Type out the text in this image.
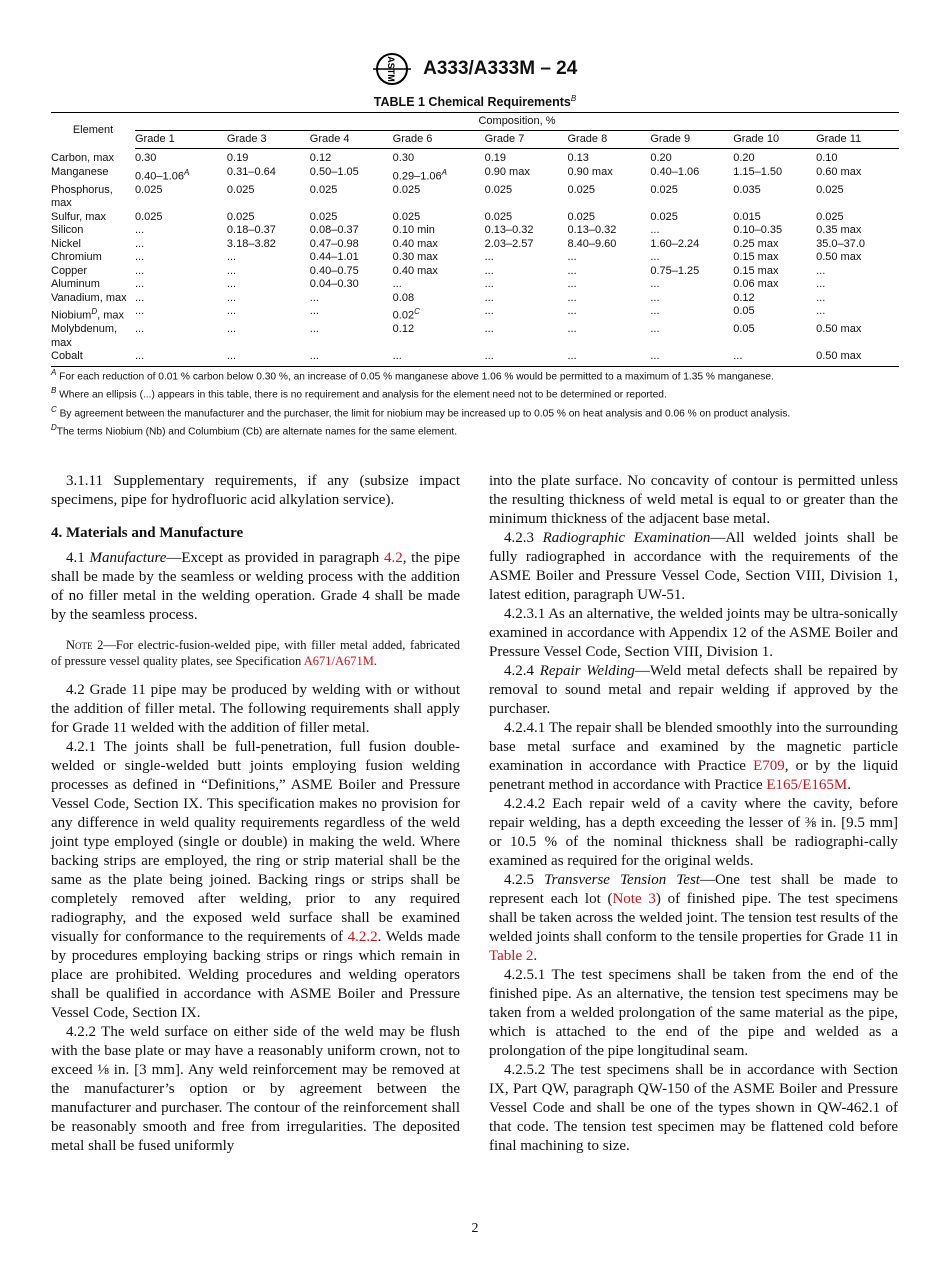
ASTM A333/A333M – 24
TABLE 1 Chemical Requirements$^B$
Element	Composition, %								
	Grade 1	Grade 3	Grade 4	Grade 6	Grade 7	Grade 8	Grade 9	Grade 10	Grade 11
Carbon, max	0.30	0.19	0.12	0.30	0.19	0.13	0.20	0.20	0.10
Manganese	$0.40-1.06^A$	0.31–0.64	0.50–1.05	$0.29-1.06^A$	0.90 max	0.90 max	0.40–1.06	1.15–1.50	0.60 max
Phosphorus, max	0.025	0.025	0.025	0.025	0.025	0.025	0.025	0.035	0.025
Sulfur, max	0.025	0.025	0.025	0.025	0.025	0.025	0.025	0.015	0.025
Silicon	...	0.18–0.37	0.08–0.37	0.10 min	0.13–0.32	0.13–0.32	...	0.10–0.35	0.35 max
Nickel	...	3.18–3.82	0.47–0.98	0.40 max	2.03–2.57	8.40–9.60	1.60–2.24	0.25 max	35.0–37.0
Chromium	...	...	0.44–1.01	0.30 max	...	...	...	0.15 max	0.50 max
Copper	...	...	0.40–0.75	0.40 max	...	...	0.75–1.25	0.15 max	...
Aluminum	...	...	0.04–0.30	...	...	...	...	0.06 max	...
Vanadium, max	...	...	...	0.08	...	...	...	0.12	...
Niobium$^D$, max	...	...	...	$0.02^C$	...	...	...	0.05	...
Molybdenum, max	...	...	...	0.12	...	...	...	0.05	0.50 max
Cobalt	...	...	...	...	...	...	...	...	0.50 max
$^A$ For each reduction of 0.01 % carbon below 0.30 %, an increase of 0.05 % manganese above 1.06 % would be permitted to a maximum of 1.35 % manganese.
$^B$ Where an ellipsis (...) appears in this table, there is no requirement and analysis for the element need not to be determined or reported.
$^C$ By agreement between the manufacturer and the purchaser, the limit for niobium may be increased up to 0.05 % on heat analysis and 0.06 % on product analysis.
$^D$The terms Niobium (Nb) and Columbium (Cb) are alternate names for the same element.

3.1.11 Supplementary requirements, if any (subsize impact specimens, pipe for hydrofluoric acid alkylation service).

4. Materials and Manufacture

4.1 Manufacture—Except as provided in paragraph 4.2, the pipe shall be made by the seamless or welding process with the addition of no filler metal in the welding operation. Grade 4 shall be made by the seamless process.

Note 2—For electric-fusion-welded pipe, with filler metal added, fabricated of pressure vessel quality plates, see Specification A671/A671M.

4.2 Grade 11 pipe may be produced by welding with or without the addition of filler metal. The following requirements shall apply for Grade 11 welded with the addition of filler metal.

4.2.1 The joints shall be full-penetration, full fusion double-welded or single-welded butt joints employing fusion welding processes as defined in “Definitions,” ASME Boiler and Pressure Vessel Code, Section IX. This specification makes no provision for any difference in weld quality requirements regardless of the weld joint type employed (single or double) in making the weld. Where backing strips are employed, the ring or strip material shall be the same as the plate being joined. Backing rings or strips shall be completely removed after welding, prior to any required radiography, and the exposed weld surface shall be examined visually for conformance to the requirements of 4.2.2. Welds made by procedures employing backing strips or rings which remain in place are prohibited. Welding procedures and welding operators shall be qualified in accordance with ASME Boiler and Pressure Vessel Code, Section IX.

4.2.2 The weld surface on either side of the weld may be flush with the base plate or may have a reasonably uniform crown, not to exceed ⅛ in. [3 mm]. Any weld reinforcement may be removed at the manufacturer’s option or by agreement between the manufacturer and purchaser. The contour of the reinforcement shall be reasonably smooth and free from irregularities. The deposited metal shall be fused uniformly

into the plate surface. No concavity of contour is permitted unless the resulting thickness of weld metal is equal to or greater than the minimum thickness of the adjacent base metal.

4.2.3 Radiographic Examination—All welded joints shall be fully radiographed in accordance with the requirements of the ASME Boiler and Pressure Vessel Code, Section VIII, Division 1, latest edition, paragraph UW-51.

4.2.3.1 As an alternative, the welded joints may be ultra-sonically examined in accordance with Appendix 12 of the ASME Boiler and Pressure Vessel Code, Section VIII, Division 1.

4.2.4 Repair Welding—Weld metal defects shall be repaired by removal to sound metal and repair welding if approved by the purchaser.

4.2.4.1 The repair shall be blended smoothly into the surrounding base metal surface and examined by the magnetic particle examination in accordance with Practice E709, or by the liquid penetrant method in accordance with Practice E165/E165M.

4.2.4.2 Each repair weld of a cavity where the cavity, before repair welding, has a depth exceeding the lesser of ⅜ in. [9.5 mm] or 10.5 % of the nominal thickness shall be radiographi-cally examined as required for the original welds.

4.2.5 Transverse Tension Test—One test shall be made to represent each lot (Note 3) of finished pipe. The test specimens shall be taken across the welded joint. The tension test results of the welded joints shall conform to the tensile properties for Grade 11 in Table 2.

4.2.5.1 The test specimens shall be taken from the end of the finished pipe. As an alternative, the tension test specimens may be taken from a welded prolongation of the same material as the pipe, which is attached to the end of the pipe and welded as a prolongation of the pipe longitudinal seam.

4.2.5.2 The test specimens shall be in accordance with Section IX, Part QW, paragraph QW-150 of the ASME Boiler and Pressure Vessel Code and shall be one of the types shown in QW-462.1 of that code. The tension test specimen may be flattened cold before final machining to size.

2
